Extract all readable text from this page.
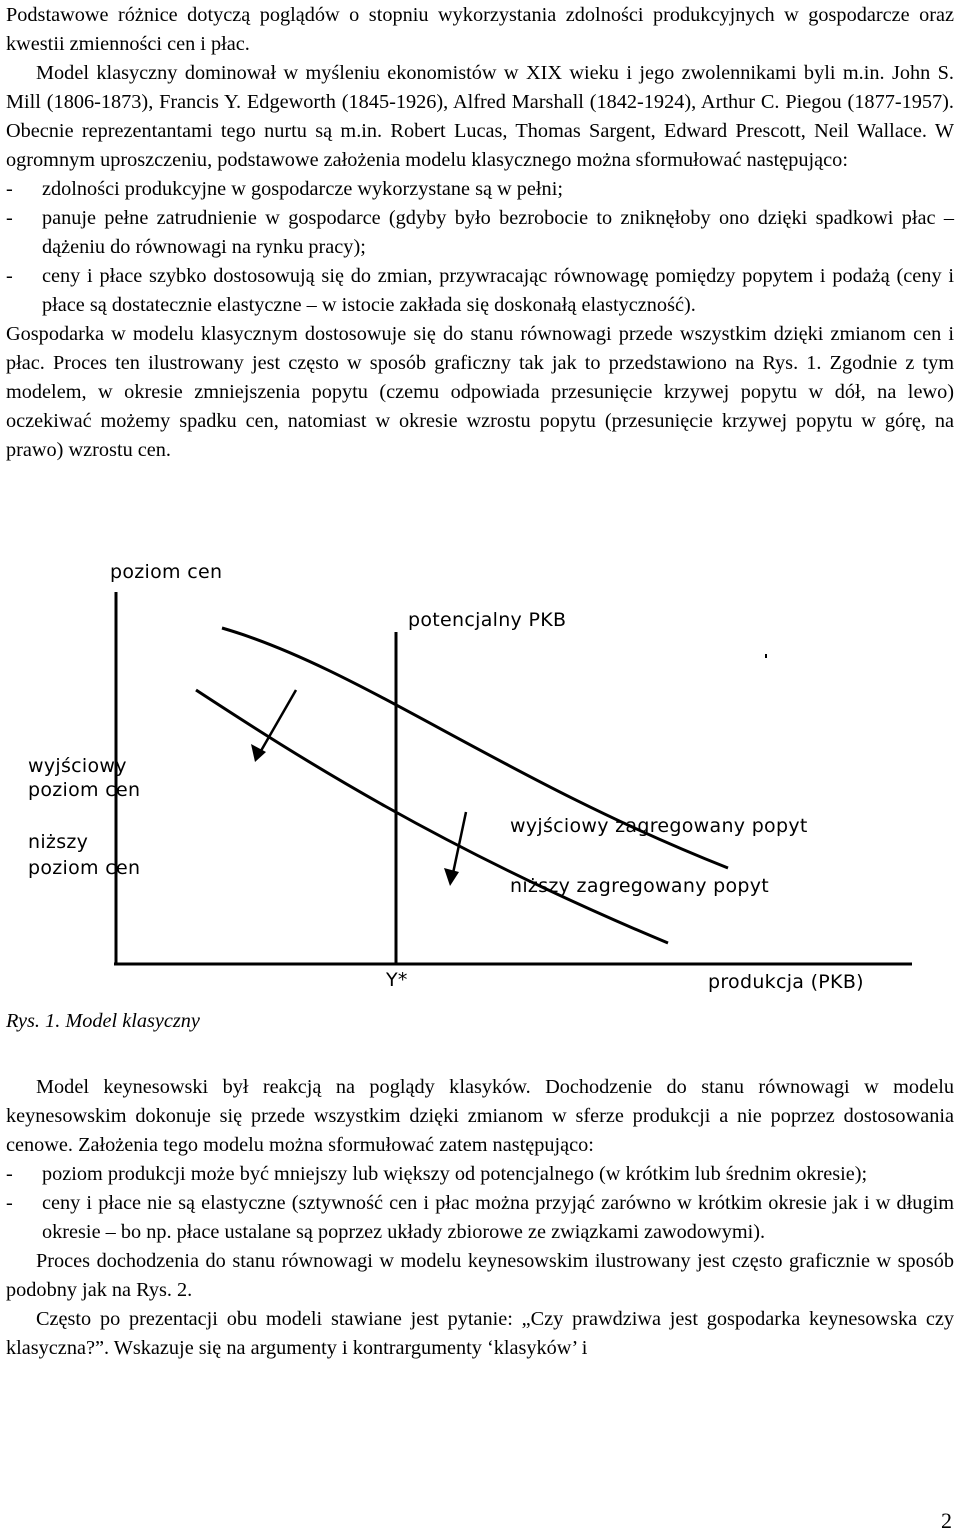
Podstawowe różnice dotyczą poglądów o stopniu wykorzystania zdolności produkcyjnych w gospodarcze oraz kwestii zmienności cen i płac.

Model klasyczny dominował w myśleniu ekonomistów w XIX wieku i jego zwolennikami byli m.in. John S. Mill (1806-1873), Francis Y. Edgeworth (1845-1926), Alfred Marshall (1842-1924), Arthur C. Piegou (1877-1957). Obecnie reprezentantami tego nurtu są m.in. Robert Lucas, Thomas Sargent, Edward Prescott, Neil Wallace. W ogromnym uproszczeniu, podstawowe założenia modelu klasycznego można sformułować następująco:

-	zdolności produkcyjne w gospodarcze wykorzystane są w pełni;
-	panuje pełne zatrudnienie w gospodarce (gdyby było bezrobocie to zniknęłoby ono dzięki spadkowi płac – dążeniu do równowagi na rynku pracy);
-	ceny i płace szybko dostosowują się do zmian, przywracając równowagę pomiędzy popytem i podażą (ceny i płace są dostatecznie elastyczne – w istocie zakłada się doskonałą elastyczność).

Gospodarka w modelu klasycznym dostosowuje się do stanu równowagi przede wszystkim dzięki zmianom cen i płac. Proces ten ilustrowany jest często w sposób graficzny tak jak to przedstawiono na Rys. 1. Zgodnie z tym modelem, w okresie zmniejszenia popytu (czemu odpowiada przesunięcie krzywej popytu w dół, na lewo) oczekiwać możemy spadku cen, natomiast w okresie wzrostu popytu (przesunięcie krzywej popytu w górę, na prawo) wzrostu cen.

poziom cen
potencjalny PKB
wyjściowy
poziom cen
niższy
poziom cen
wyjściowy zagregowany popyt
niższy zagregowany popyt
Y*	produkcja (PKB)
Rys. 1. Model klasyczny

Model keynesowski był reakcją na poglądy klasyków. Dochodzenie do stanu równowagi w modelu keynesowskim dokonuje się przede wszystkim dzięki zmianom w sferze produkcji a nie poprzez dostosowania cenowe. Założenia tego modelu można sformułować zatem następująco:

-	poziom produkcji może być mniejszy lub większy od potencjalnego (w krótkim lub średnim okresie);
-	ceny i płace nie są elastyczne (sztywność cen i płac można przyjąć zarówno w krótkim okresie jak i w długim okresie – bo np. płace ustalane są poprzez układy zbiorowe ze związkami zawodowymi).

Proces dochodzenia do stanu równowagi w modelu keynesowskim ilustrowany jest często graficznie w sposób podobny jak na Rys. 2.

Często po prezentacji obu modeli stawiane jest pytanie: „Czy prawdziwa jest gospodarka keynesowska czy klasyczna?”. Wskazuje się na argumenty i kontrargumenty ‘klasyków’ i

2
